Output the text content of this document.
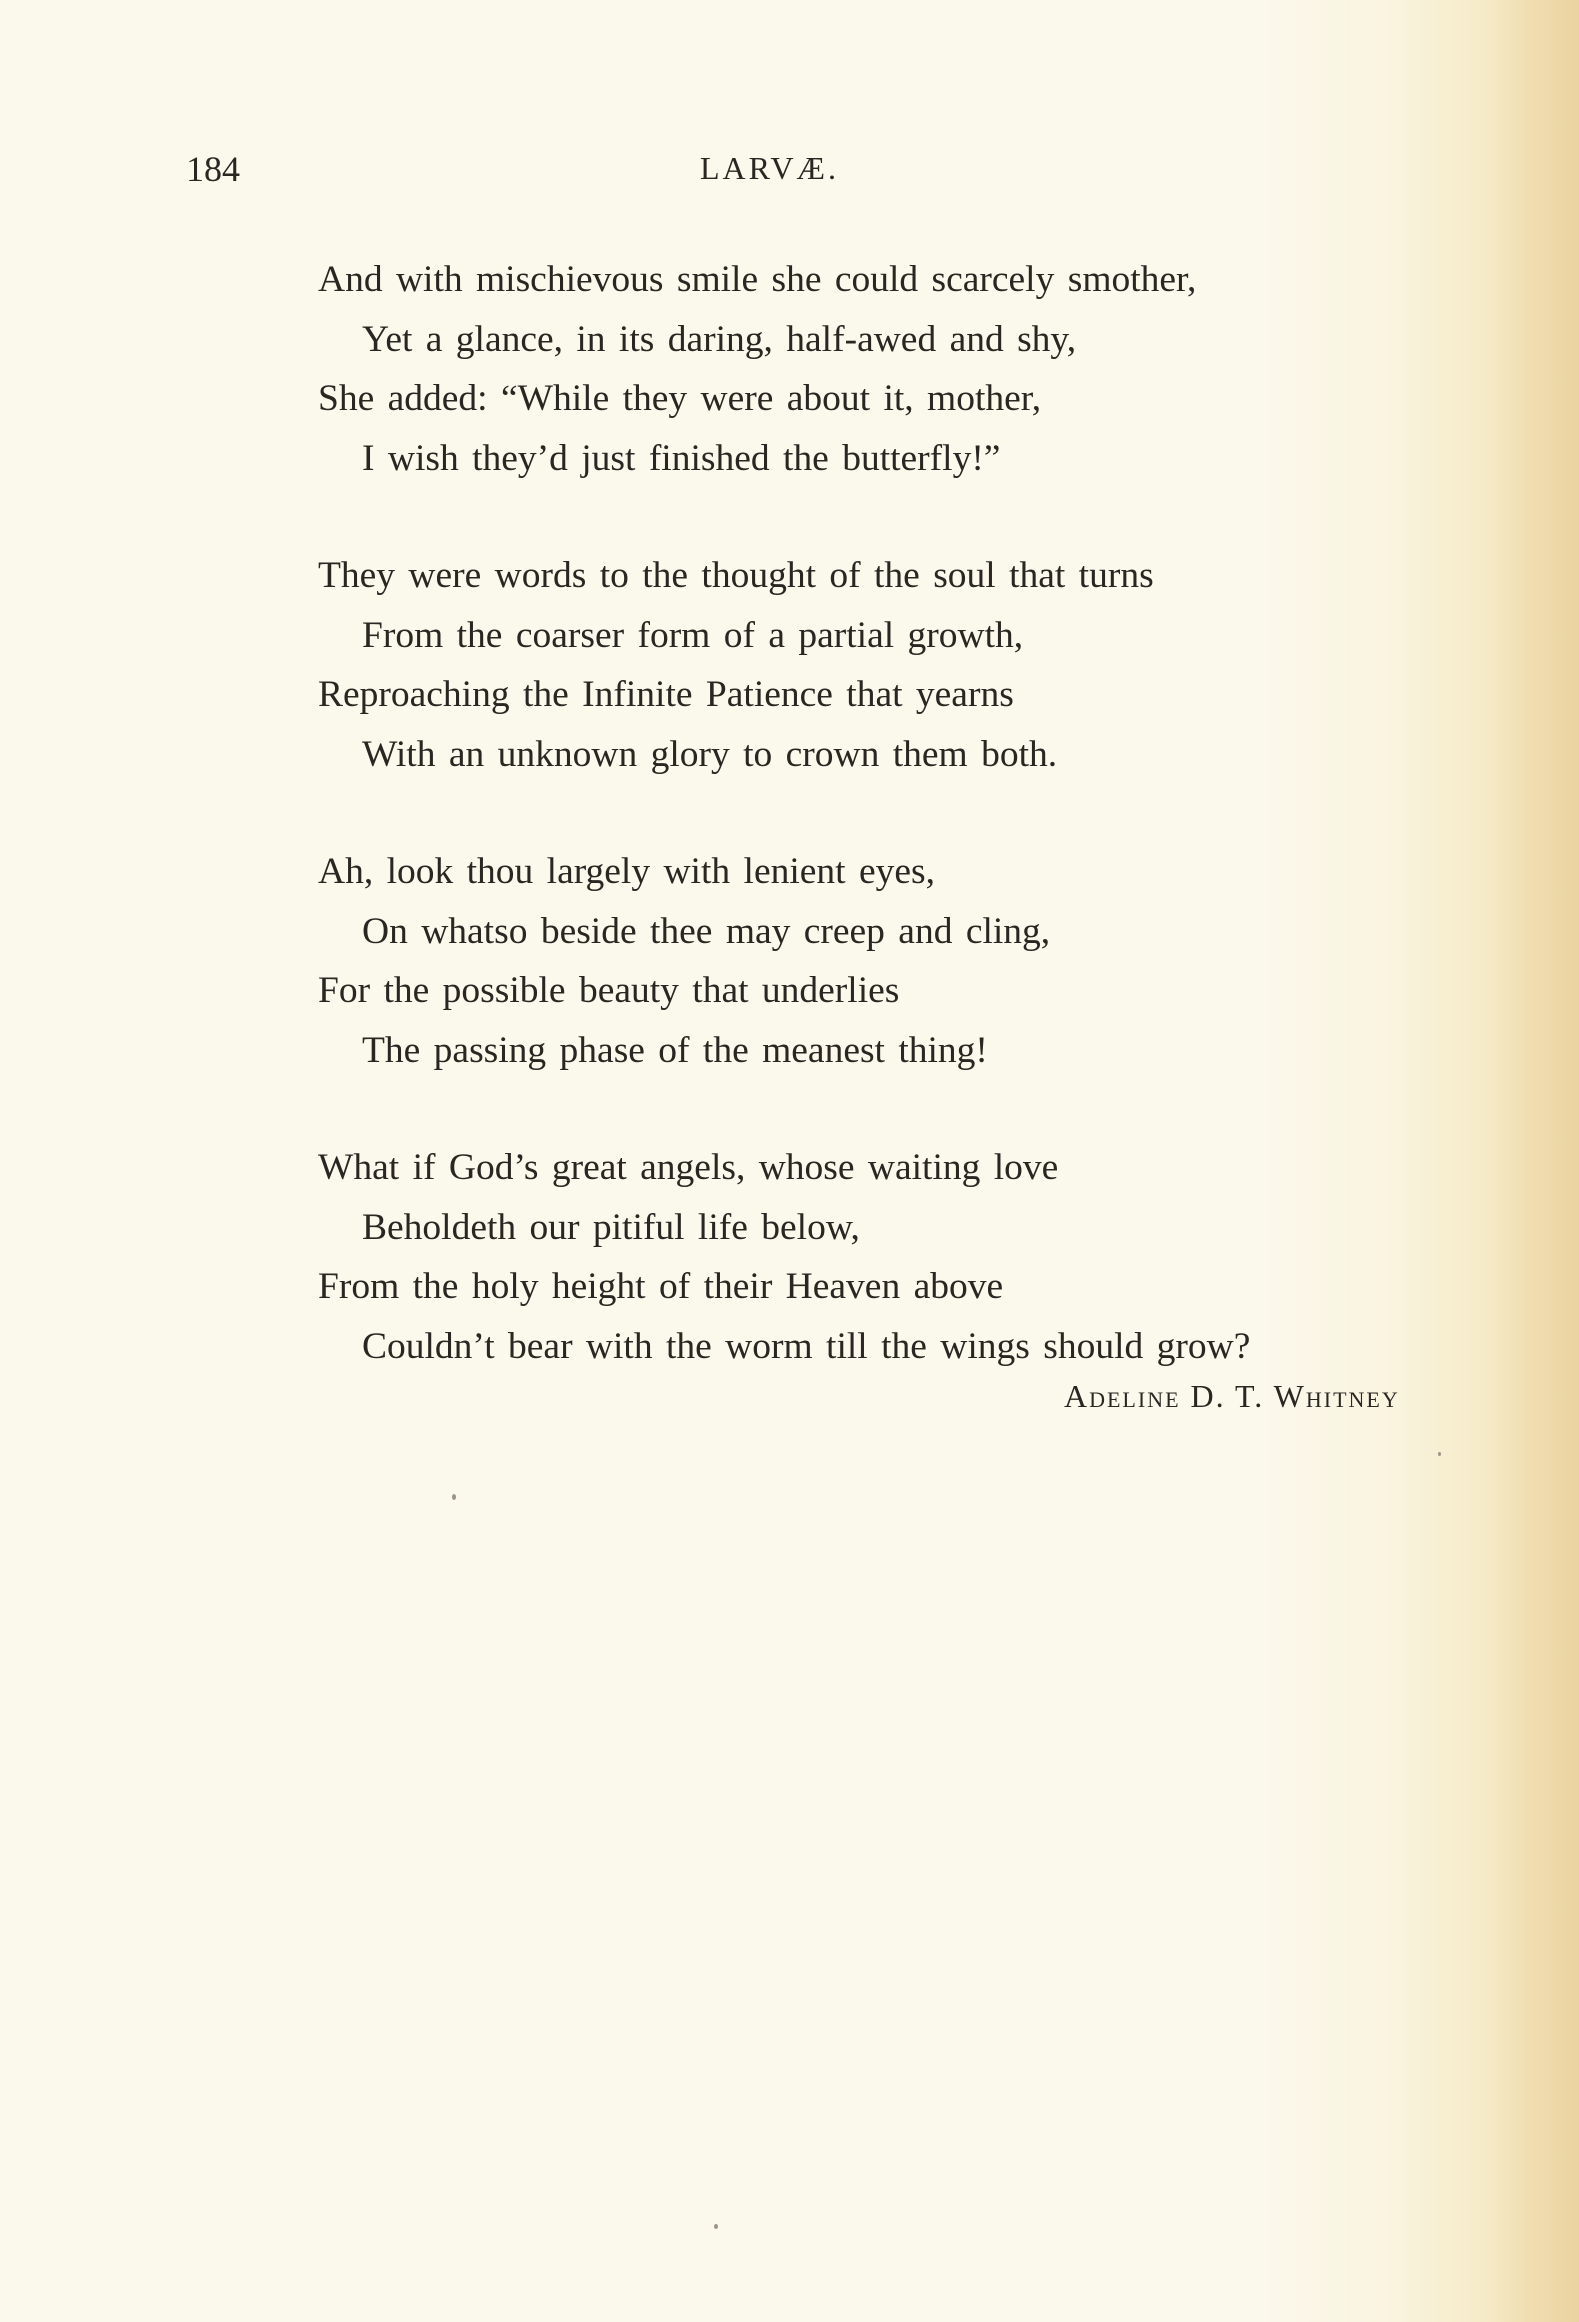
184	LARVÆ.
And with mischievous smile she could scarcely smother,
Yet a glance, in its daring, half-awed and shy,
She added: “While they were about it, mother,
I wish they’d just finished the butterfly!”
They were words to the thought of the soul that turns
From the coarser form of a partial growth,
Reproaching the Infinite Patience that yearns
With an unknown glory to crown them both.
Ah, look thou largely with lenient eyes,
On whatso beside thee may creep and cling,
For the possible beauty that underlies
The passing phase of the meanest thing!
What if God’s great angels, whose waiting love
Beholdeth our pitiful life below,
From the holy height of their Heaven above
Couldn’t bear with the worm till the wings should grow?
Adeline D. T. Whitney
